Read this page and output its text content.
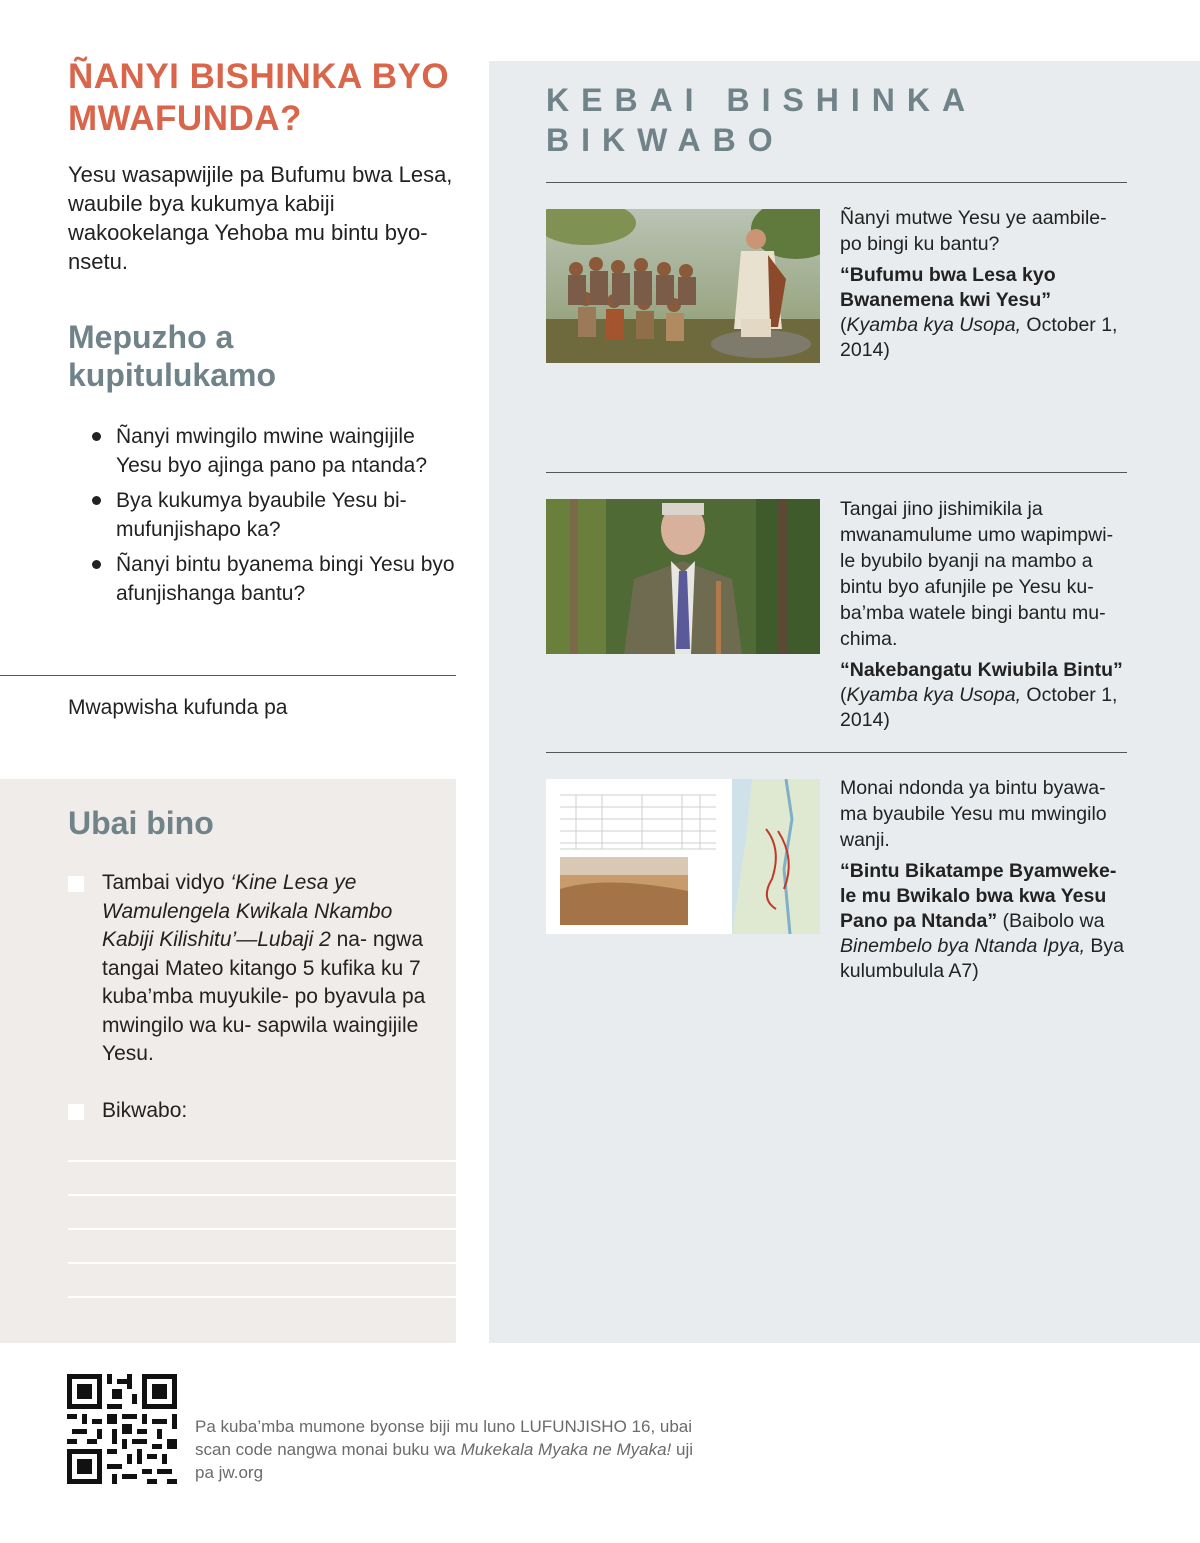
ÑANYI BISHINKA BYO MWAFUNDA?

Yesu wasapwijile pa Bufumu bwa Lesa, waubile bya kukumya kabiji wakookelanga Yehoba mu bintu byo- nsetu.

Mepuzho a kupitulukamo
Ñanyi mwingilo mwine waingijile Yesu byo ajinga pano pa ntanda?
Bya kukumya byaubile Yesu bi- mufunjishapo ka?
Ñanyi bintu byanema bingi Yesu byo afunjishanga bantu?
Mwapwisha kufunda pa
Ubai bino
Tambai vidyo ‘Kine Lesa ye Wamulengela Kwikala Nkambo Kabiji Kilishitu’—Lubaji 2 na- ngwa tangai Mateo kitango 5 kufika ku 7 kuba’mba muyukile- po byavula pa mwingilo wa ku- sapwila waingijile Yesu.
Bikwabo:
KEBAI BISHINKA BIKWABO

Ñanyi mutwe Yesu ye aambile- po bingi ku bantu?

“Bufumu bwa Lesa kyo Bwanemena kwi Yesu” (Kyamba kya Usopa, October 1, 2014)

Tangai jino jishimikila ja mwanamulume umo wapimpwi- le byubilo byanji na mambo a bintu byo afunjile pe Yesu ku- ba’mba watele bingi bantu mu- chima.

“Nakebangatu Kwiubila Bintu” (Kyamba kya Usopa, October 1, 2014)

Monai ndonda ya bintu byawa- ma byaubile Yesu mu mwingilo wanji.

“Bintu Bikatampe Byamweke- le mu Bwikalo bwa kwa Yesu Pano pa Ntanda” (Baibolo wa Binembelo bya Ntanda Ipya, Bya kulumbulula A7)

Pa kuba’mba mumone byonse biji mu luno LUFUNJISHO 16, ubai scan code nangwa monai buku wa Mukekala Myaka ne Myaka! uji pa jw.org
